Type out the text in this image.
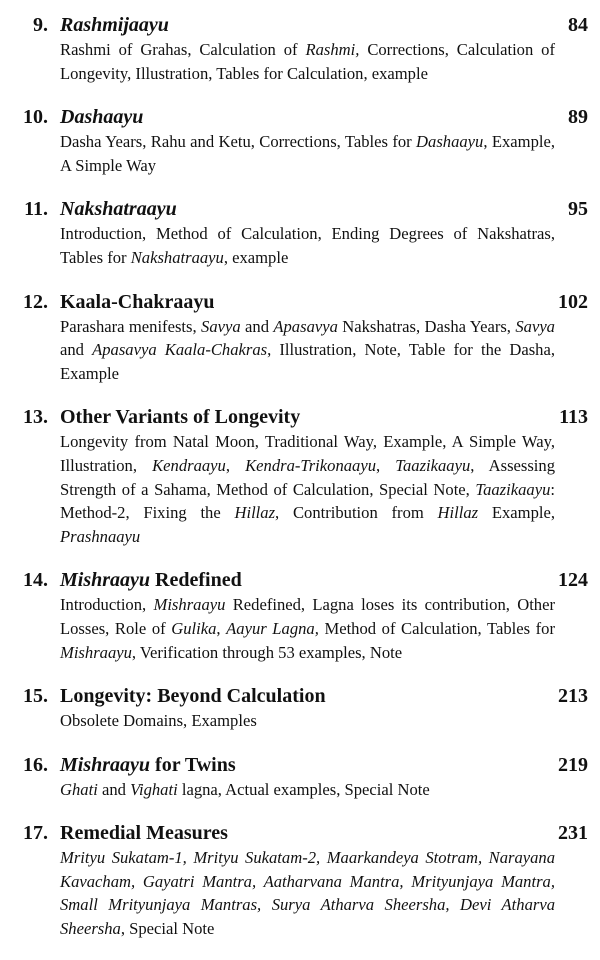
9. Rashmijaayu	84
Rashmi of Grahas, Calculation of Rashmi, Corrections, Calculation of Longevity, Illustration, Tables for Calculation, example
10. Dashaayu	89
Dasha Years, Rahu and Ketu, Corrections, Tables for Dashaayu, Example, A Simple Way
11. Nakshatraayu	95
Introduction, Method of Calculation, Ending Degrees of Nakshatras, Tables for Nakshatraayu, example
12. Kaala-Chakraayu	102
Parashara menifests, Savya and Apasavya Nakshatras, Dasha Years, Savya and Apasavya Kaala-Chakras, Illustration, Note, Table for the Dasha, Example
13. Other Variants of Longevity	113
Longevity from Natal Moon, Traditional Way, Example, A Simple Way, Illustration, Kendraayu, Kendra-Trikonaayu, Taazikaayu, Assessing Strength of a Sahama, Method of Calculation, Special Note, Taazikaayu: Method-2, Fixing the Hillaz, Contribution from Hillaz Example, Prashnaayu
14. Mishraayu Redefined	124
Introduction, Mishraayu Redefined, Lagna loses its contribution, Other Losses, Role of Gulika, Aayur Lagna, Method of Calculation, Tables for Mishraayu, Verification through 53 examples, Note
15. Longevity: Beyond Calculation	213
Obsolete Domains, Examples
16. Mishraayu for Twins	219
Ghati and Vighati lagna, Actual examples, Special Note
17. Remedial Measures	231
Mrityu Sukatam-1, Mrityu Sukatam-2, Maarkandeya Stotram, Narayana Kavacham, Gayatri Mantra, Aatharvana Mantra, Mrityunjaya Mantra, Small Mrityunjaya Mantras, Surya Atharva Sheersha, Devi Atharva Sheersha, Special Note
